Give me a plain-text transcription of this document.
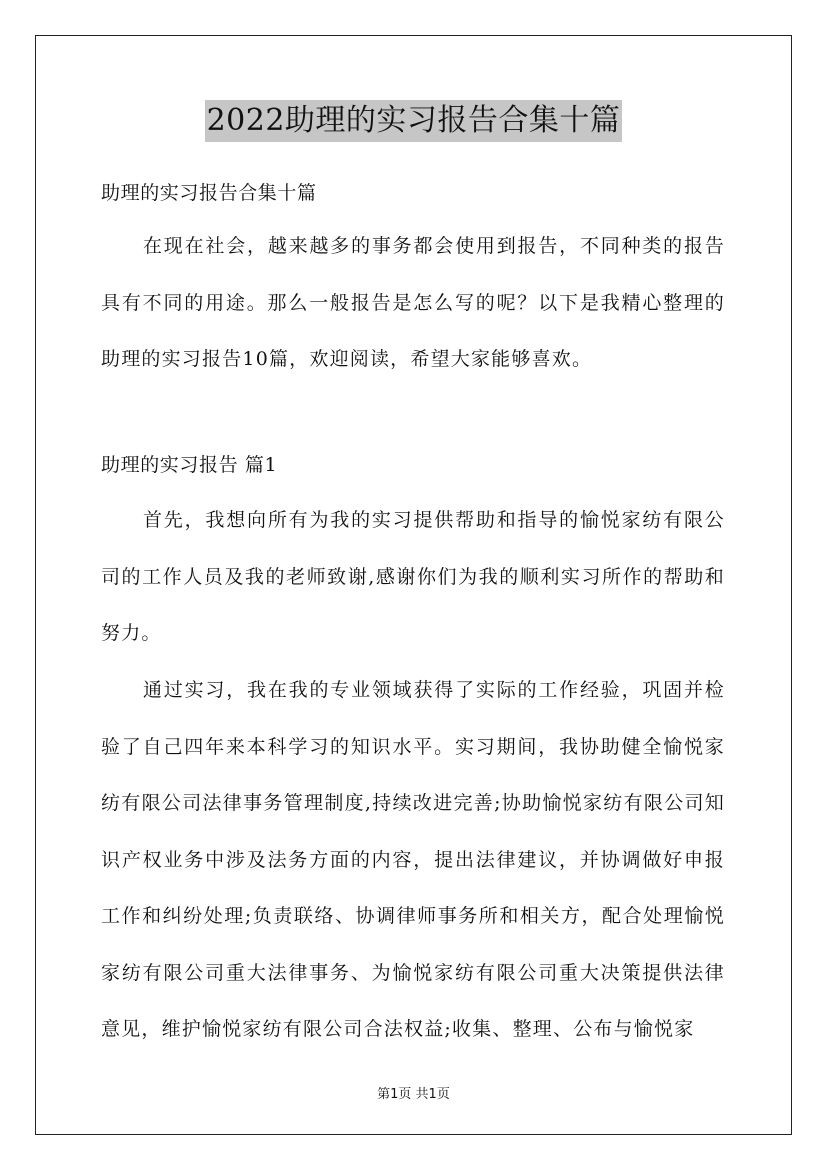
2022助理的实习报告合集十篇

助理的实习报告合集十篇

在现在社会，越来越多的事务都会使用到报告，不同种类的报告具有不同的用途。那么一般报告是怎么写的呢？以下是我精心整理的助理的实习报告10篇，欢迎阅读，希望大家能够喜欢。

助理的实习报告 篇1

首先，我想向所有为我的实习提供帮助和指导的愉悦家纺有限公司的工作人员及我的老师致谢,感谢你们为我的顺利实习所作的帮助和努力。

通过实习，我在我的专业领域获得了实际的工作经验，巩固并检验了自己四年来本科学习的知识水平。实习期间，我协助健全愉悦家纺有限公司法律事务管理制度,持续改进完善;协助愉悦家纺有限公司知识产权业务中涉及法务方面的内容，提出法律建议，并协调做好申报工作和纠纷处理;负责联络、协调律师事务所和相关方，配合处理愉悦家纺有限公司重大法律事务、为愉悦家纺有限公司重大决策提供法律意见，维护愉悦家纺有限公司合法权益;收集、整理、公布与愉悦家

第1页 共1页
